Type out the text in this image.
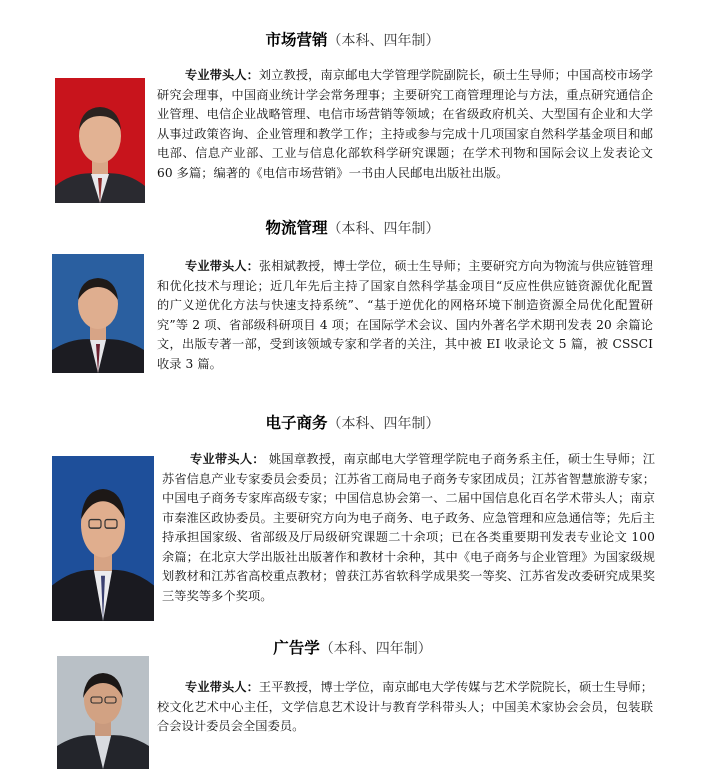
市场营销（本科、四年制）
专业带头人：刘立教授，南京邮电大学管理学院副院长，硕士生导师；中国高校市场学研究会理事，中国商业统计学会常务理事；主要研究工商管理理论与方法，重点研究通信企业管理、电信企业战略管理、电信市场营销等领域；在省级政府机关、大型国有企业和大学从事过政策咨询、企业管理和教学工作；主持或参与完成十几项国家自然科学基金项目和邮电部、信息产业部、工业与信息化部软科学研究课题；在学术刊物和国际会议上发表论文 60 多篇；编著的《电信市场营销》一书由人民邮电出版社出版。
物流管理（本科、四年制）
专业带头人：张相斌教授，博士学位，硕士生导师；主要研究方向为物流与供应链管理和优化技术与理论；近几年先后主持了国家自然科学基金项目“反应性供应链资源优化配置的广义逆优化方法与快速支持系统”、“基于逆优化的网格环境下制造资源全局优化配置研究”等 2 项、省部级科研项目 4 项；在国际学术会议、国内外著名学术期刊发表 20 余篇论文，出版专著一部，受到该领域专家和学者的关注，其中被 EI 收录论文 5 篇，被 CSSCI 收录 3 篇。
电子商务（本科、四年制）
专业带头人： 姚国章教授，南京邮电大学管理学院电子商务系主任，硕士生导师；江苏省信息产业专家委员会委员；江苏省工商局电子商务专家团成员；江苏省智慧旅游专家；中国电子商务专家库高级专家；中国信息协会第一、二届中国信息化百名学术带头人；南京市秦淮区政协委员。主要研究方向为电子商务、电子政务、应急管理和应急通信等；先后主持承担国家级、省部级及厅局级研究课题二十余项；已在各类重要期刊发表专业论文 100 余篇；在北京大学出版社出版著作和教材十余种，其中《电子商务与企业管理》为国家级规划教材和江苏省高校重点教材；曾获江苏省软科学成果奖一等奖、江苏省发改委研究成果奖三等奖等多个奖项。
广告学（本科、四年制）
专业带头人：王平教授，博士学位，南京邮电大学传媒与艺术学院院长，硕士生导师；校文化艺术中心主任，文学信息艺术设计与教育学科带头人；中国美术家协会会员，包装联合会设计委员会全国委员。
